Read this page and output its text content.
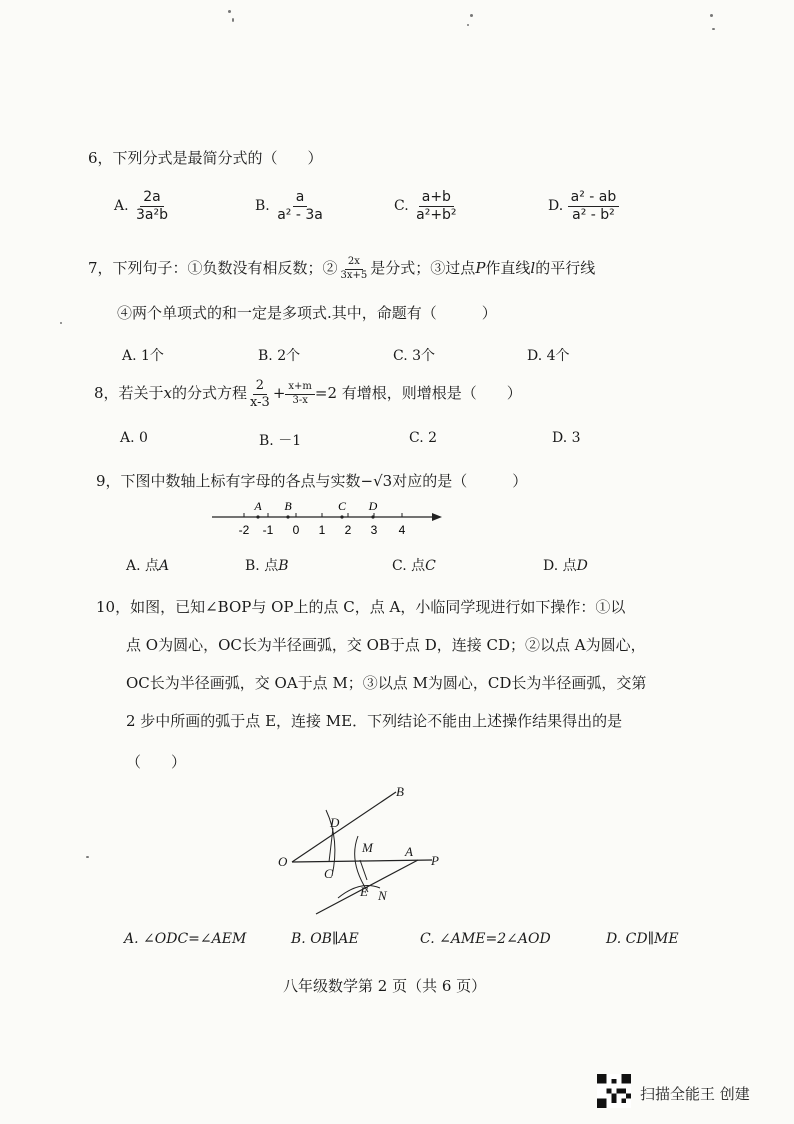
6，下列分式是最简分式的（　　）
A. $\frac{2a}{\text{3a²b}}$	B. $\frac{a}{\text{a² - 3a}}$	C. $\frac{a+b}{\text{a²+b²}}$	D. $\frac{\text{a² - ab}}{\text{a² - b²}}$
7，下列句子：①负数没有相反数；② $\frac{2x}{3x+5}$ 是分式；③过点P作直线l的平行线
④两个单项式的和一定是多项式.其中，命题有（　　　）
A. 1个	B. 2个	C. 3个	D. 4个
8，若关于x的分式方程 $\frac{2}{x-3} + \frac{x+m}{3-x} =2$ 有增根，则增根是（　　）
A. 0	B. －1	C. 2	D. 3
9，下图中数轴上标有字母的各点与实数−√3对应的是（　　　）
-2 -1 0 1 2 3 4
A B	C D
A. 点A	B. 点B	C. 点C	D. 点D
10，如图，已知∠BOP与 OP上的点 C，点 A，小临同学现进行如下操作：①以
点 O为圆心，OC长为半径画弧，交 OB于点 D，连接 CD；②以点 A为圆心，
OC长为半径画弧，交 OA于点 M；③以点 M为圆心，CD长为半径画弧，交第
2 步中所画的弧于点 E，连接 ME．下列结论不能由上述操作结果得出的是
（　　）
B
D
M A
O
C
P
E N
A. ∠ODC=∠AEM	B. OB∥AE	C. ∠AME=2∠AOD	D. CD∥ME
八年级数学第 2 页（共 6 页）
扫描全能王 创建
